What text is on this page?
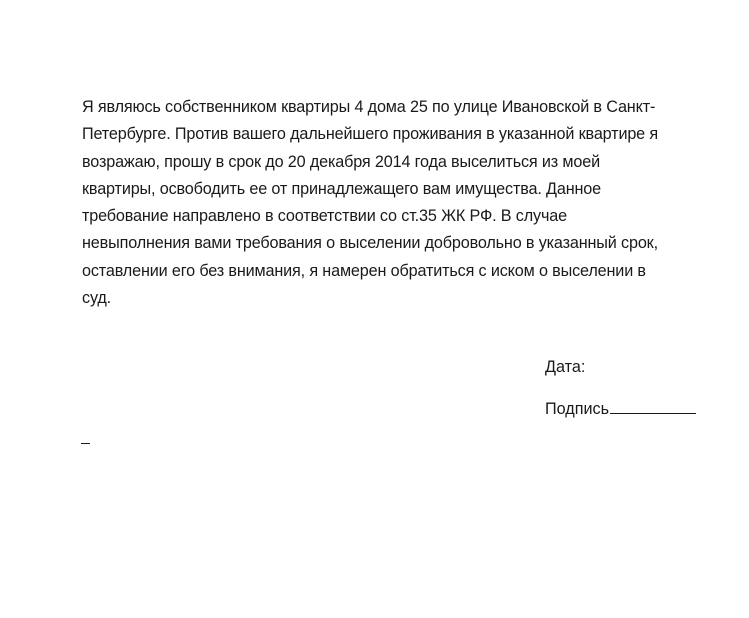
Я являюсь собственником квартиры 4 дома 25 по улице Ивановской в Санкт-
Петербурге. Против вашего дальнейшего проживания в указанной квартире я
возражаю, прошу в срок до 20 декабря 2014 года выселиться из моей
квартиры, освободить ее от принадлежащего вам имущества. Данное
требование направлено в соответствии со ст.35 ЖК РФ. В случае
невыполнения вами требования о выселении добровольно в указанный срок,
оставлении его без внимания, я намерен обратиться с иском о выселении в
суд.
Дата:
Подпись
